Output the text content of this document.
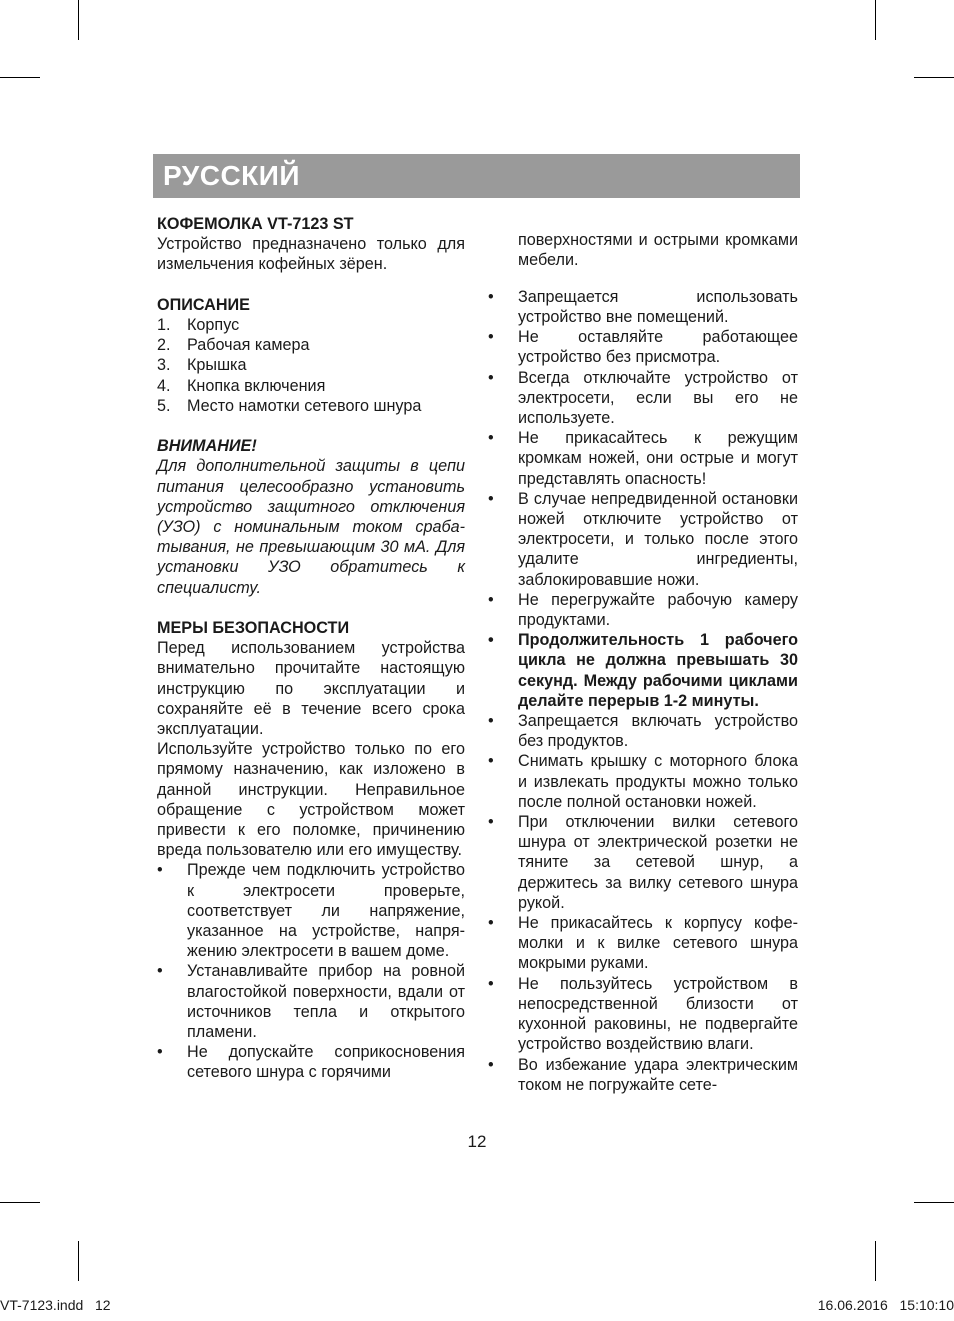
РУССКИЙ

КОФЕМОЛКА VT-7123 ST

Устройство предназначено только для измельчения кофейных зёрен.

ОПИСАНИЕ

1.	Корпус
2.	Рабочая камера
3.	Крышка
4.	Кнопка включения
5.	Место намотки сетевого шнура

ВНИМАНИЕ!

Для дополнительной защиты в цепи питания целесообразно установить устройство защитного отключения (УЗО) с номинальным током срабатывания, не превышающим 30 мА. Для установки УЗО обратитесь к специалисту.

МЕРЫ БЕЗОПАСНОСТИ

Перед использованием устройства внимательно прочитайте настоящую инструкцию по эксплуатации и сохраняйте её в течение всего срока эксплуатации.

Используйте устройство только по его прямому назначению, как изложено в данной инструкции. Неправильное обращение с устройством может привести к его поломке, причинению вреда пользователю или его имуществу.

•	Прежде чем подключить устройство к электросети проверьте, соответствует ли напряжение, указанное на устройстве, напряжению электросети в вашем доме.
•	Устанавливайте прибор на ровной влагостойкой поверхности, вдали от источников тепла и открытого пламени.
•	Не допускайте соприкосновения сетевого шнура с горячими

поверхностями и острыми кромками мебели.

•	Запрещается использовать устройство вне помещений.
•	Не оставляйте работающее устройство без присмотра.
•	Всегда отключайте устройство от электросети, если вы его не используете.
•	Не прикасайтесь к режущим кромкам ножей, они острые и могут представлять опасность!
•	В случае непредвиденной остановки ножей отключите устройство от электросети, и только после этого удалите ингредиенты, заблокировавшие ножи.
•	Не перегружайте рабочую камеру продуктами.
•	Продолжительность 1 рабочего цикла не должна превышать 30 секунд. Между рабочими циклами делайте перерыв 1-2 минуты.
•	Запрещается включать устройство без продуктов.
•	Снимать крышку с моторного блока и извлекать продукты можно только после полной остановки ножей.
•	При отключении вилки сетевого шнура от электрической розетки не тяните за сетевой шнур, а держитесь за вилку сетевого шнура рукой.
•	Не прикасайтесь к корпусу кофемолки и к вилке сетевого шнура мокрыми руками.
•	Не пользуйтесь устройством в непосредственной близости от кухонной раковины, не подвергайте устройство воздействию влаги.
•	Во избежание удара электрическим током не погружайте сете-
12
VT-7123.indd   12	16.06.2016   15:10:10
